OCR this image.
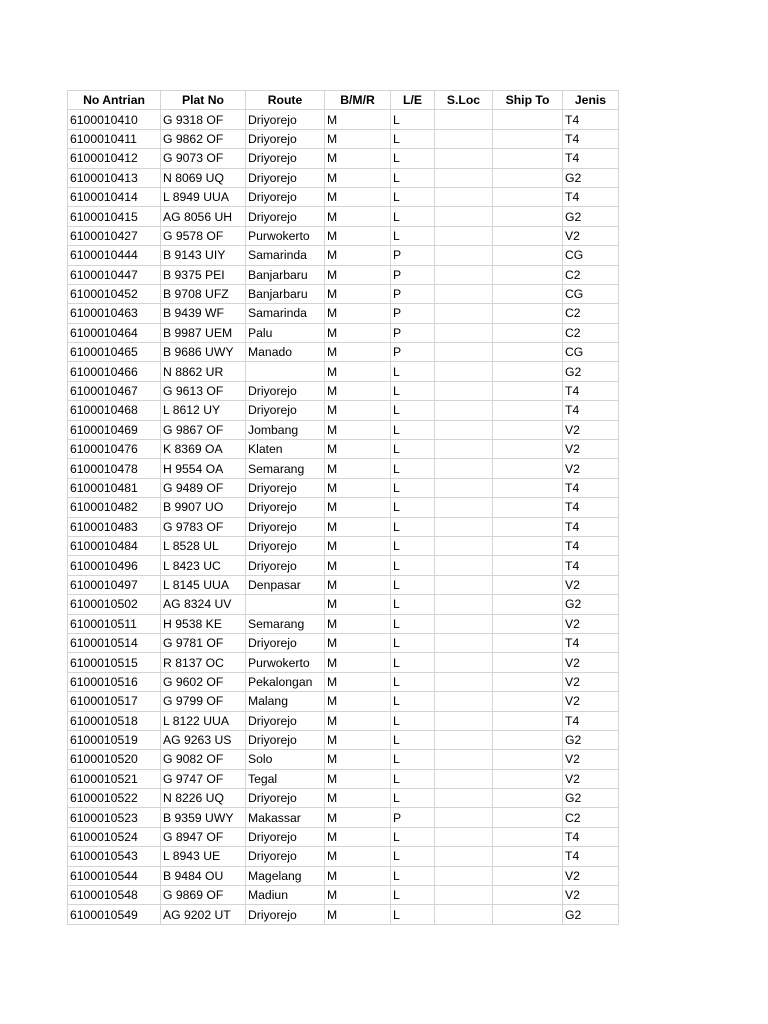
No Antrian	Plat No	Route	B/M/R	L/E	S.Loc	Ship To	Jenis
6100010410	G 9318 OF	Driyorejo	M	L			T4
6100010411	G 9862 OF	Driyorejo	M	L			T4
6100010412	G 9073 OF	Driyorejo	M	L			T4
6100010413	N 8069 UQ	Driyorejo	M	L			G2
6100010414	L 8949 UUA	Driyorejo	M	L			T4
6100010415	AG 8056 UH	Driyorejo	M	L			G2
6100010427	G 9578 OF	Purwokerto	M	L			V2
6100010444	B 9143 UIY	Samarinda	M	P			CG
6100010447	B 9375 PEI	Banjarbaru	M	P			C2
6100010452	B 9708 UFZ	Banjarbaru	M	P			CG
6100010463	B 9439 WF	Samarinda	M	P			C2
6100010464	B 9987 UEM	Palu	M	P			C2
6100010465	B 9686 UWY	Manado	M	P			CG
6100010466	N 8862 UR		M	L			G2
6100010467	G 9613 OF	Driyorejo	M	L			T4
6100010468	L 8612 UY	Driyorejo	M	L			T4
6100010469	G 9867 OF	Jombang	M	L			V2
6100010476	K 8369 OA	Klaten	M	L			V2
6100010478	H 9554 OA	Semarang	M	L			V2
6100010481	G 9489 OF	Driyorejo	M	L			T4
6100010482	B 9907 UO	Driyorejo	M	L			T4
6100010483	G 9783 OF	Driyorejo	M	L			T4
6100010484	L 8528 UL	Driyorejo	M	L			T4
6100010496	L 8423 UC	Driyorejo	M	L			T4
6100010497	L 8145 UUA	Denpasar	M	L			V2
6100010502	AG 8324 UV		M	L			G2
6100010511	H 9538 KE	Semarang	M	L			V2
6100010514	G 9781 OF	Driyorejo	M	L			T4
6100010515	R 8137 OC	Purwokerto	M	L			V2
6100010516	G 9602 OF	Pekalongan	M	L			V2
6100010517	G 9799 OF	Malang	M	L			V2
6100010518	L 8122 UUA	Driyorejo	M	L			T4
6100010519	AG 9263 US	Driyorejo	M	L			G2
6100010520	G 9082 OF	Solo	M	L			V2
6100010521	G 9747 OF	Tegal	M	L			V2
6100010522	N 8226 UQ	Driyorejo	M	L			G2
6100010523	B 9359 UWY	Makassar	M	P			C2
6100010524	G 8947 OF	Driyorejo	M	L			T4
6100010543	L 8943 UE	Driyorejo	M	L			T4
6100010544	B 9484 OU	Magelang	M	L			V2
6100010548	G 9869 OF	Madiun	M	L			V2
6100010549	AG 9202 UT	Driyorejo	M	L			G2
